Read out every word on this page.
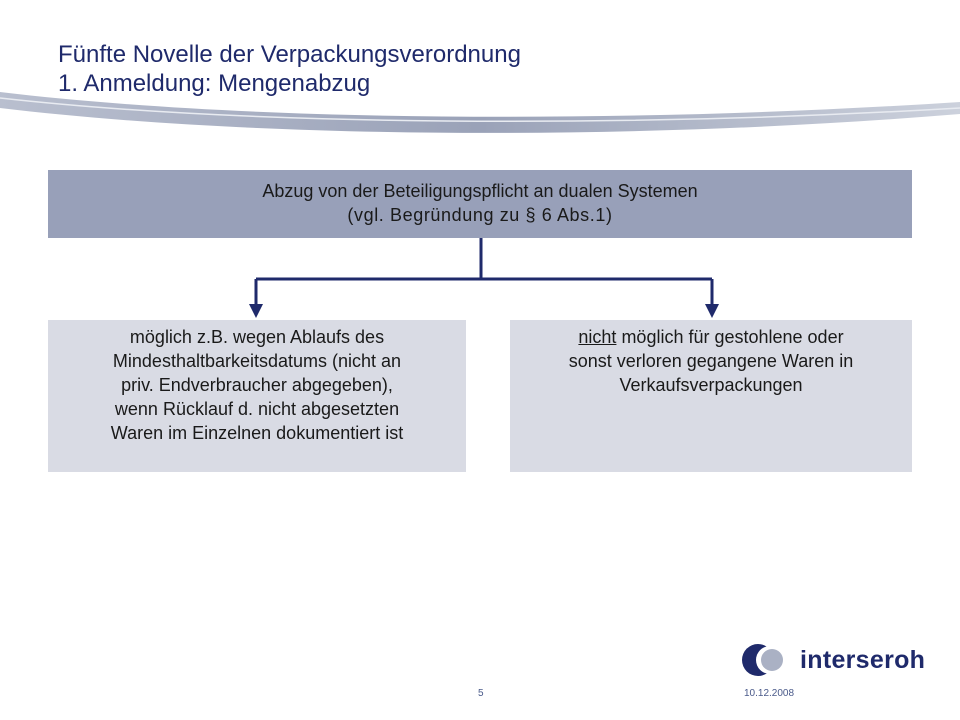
Fünfte Novelle der Verpackungsverordnung
1. Anmeldung: Mengenabzug
Abzug von der Beteiligungspflicht an dualen Systemen
(vgl. Begründung zu § 6 Abs.1)
möglich z.B. wegen Ablaufs des
Mindesthaltbarkeitsdatums (nicht an
priv. Endverbraucher abgegeben),
wenn Rücklauf d. nicht abgesetzten
Waren im Einzelnen dokumentiert ist
nicht möglich für gestohlene oder
sonst verloren gegangene Waren in
Verkaufsverpackungen
interseroh
5	10.12.2008
